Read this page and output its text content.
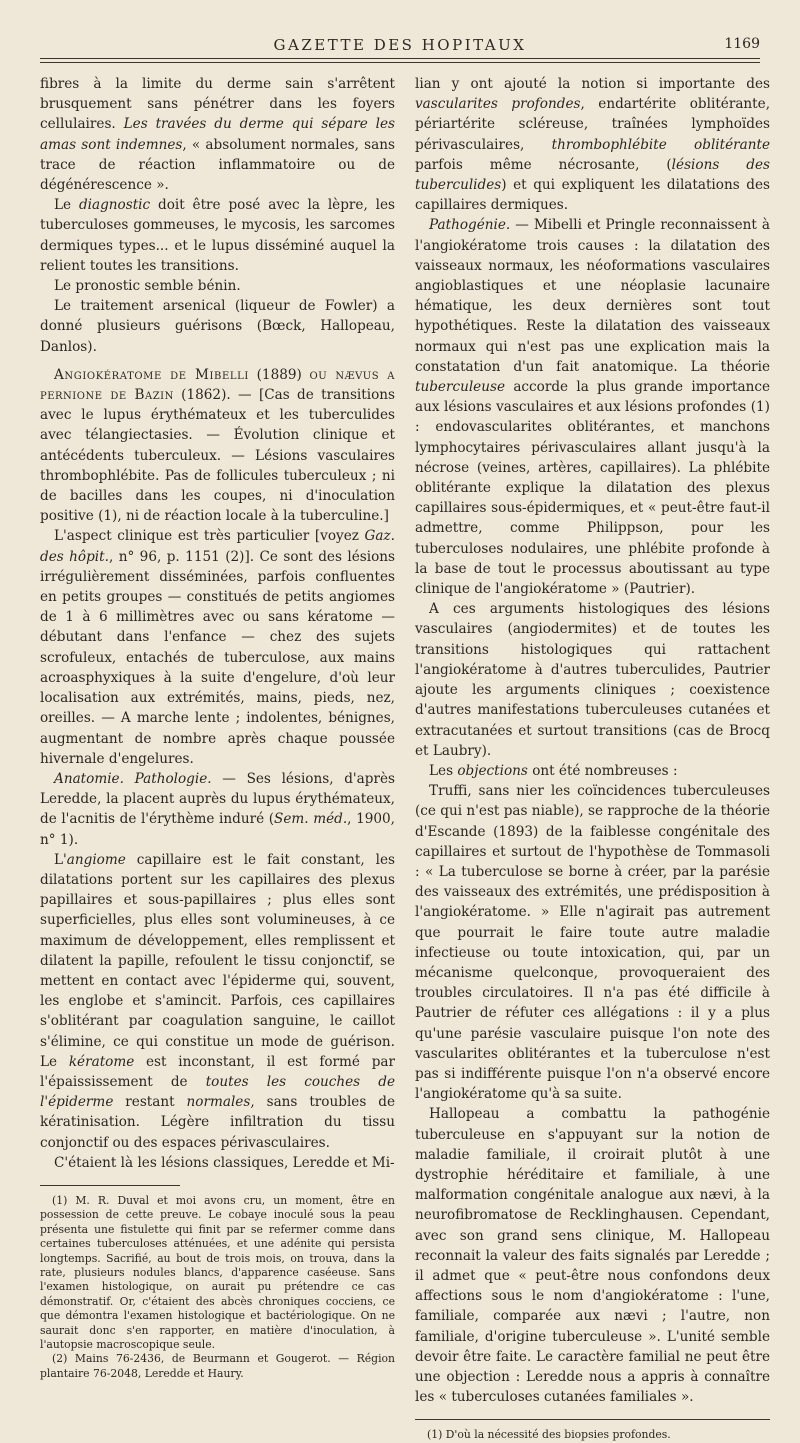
GAZETTE DES HOPITAUX	1169

fibres à la limite du derme sain s'arrêtent brusquement sans pénétrer dans les foyers cellulaires. Les travées du derme qui sépare les amas sont indemnes, « absolument normales, sans trace de réaction inflammatoire ou de dégénérescence ».

Le diagnostic doit être posé avec la lèpre, les tuberculoses gommeuses, le mycosis, les sarcomes dermiques types... et le lupus disséminé auquel la relient toutes les transitions.

Le pronostic semble bénin.

Le traitement arsenical (liqueur de Fowler) a donné plusieurs guérisons (Bœck, Hallopeau, Danlos).

Angiokératome de Mibelli (1889) ou nævus a pernione de Bazin (1862). — [Cas de transitions avec le lupus érythémateux et les tuberculides avec télangiectasies. — Évolution clinique et antécédents tuberculeux. — Lésions vasculaires thrombophlébite. Pas de follicules tuberculeux ; ni de bacilles dans les coupes, ni d'inoculation positive (1), ni de réaction locale à la tuberculine.]

L'aspect clinique est très particulier [voyez Gaz. des hôpit., n° 96, p. 1151 (2)]. Ce sont des lésions irrégulièrement disséminées, parfois confluentes en petits groupes — constitués de petits angiomes de 1 à 6 millimètres avec ou sans kératome — débutant dans l'enfance — chez des sujets scrofuleux, entachés de tuberculose, aux mains acroasphyxiques à la suite d'engelure, d'où leur localisation aux extrémités, mains, pieds, nez, oreilles. — A marche lente ; indolentes, bénignes, augmentant de nombre après chaque poussée hivernale d'engelures.

Anatomie. Pathologie. — Ses lésions, d'après Leredde, la placent auprès du lupus érythémateux, de l'acnitis de l'érythème induré (Sem. méd., 1900, n° 1).

L'angiome capillaire est le fait constant, les dilatations portent sur les capillaires des plexus papillaires et sous-papillaires ; plus elles sont superficielles, plus elles sont volumineuses, à ce maximum de développement, elles remplissent et dilatent la papille, refoulent le tissu conjonctif, se mettent en contact avec l'épiderme qui, souvent, les englobe et s'amincit. Parfois, ces capillaires s'oblitérant par coagulation sanguine, le caillot s'élimine, ce qui constitue un mode de guérison. Le kératome est inconstant, il est formé par l'épaississement de toutes les couches de l'épiderme restant normales, sans troubles de kératinisation. Légère infiltration du tissu conjonctif ou des espaces périvasculaires.

C'étaient là les lésions classiques, Leredde et Mi-

(1) M. R. Duval et moi avons cru, un moment, être en possession de cette preuve. Le cobaye inoculé sous la peau présenta une fistulette qui finit par se refermer comme dans certaines tuberculoses atténuées, et une adénite qui persista longtemps. Sacrifié, au bout de trois mois, on trouva, dans la rate, plusieurs nodules blancs, d'apparence caséeuse. Sans l'examen histologique, on aurait pu prétendre ce cas démonstratif. Or, c'étaient des abcès chroniques cocciens, ce que démontra l'examen histologique et bactériologique. On ne saurait donc s'en rapporter, en matière d'inoculation, à l'autopsie macroscopique seule.

(2) Mains 76-2436, de Beurmann et Gougerot. — Région plantaire 76-2048, Leredde et Haury.

lian y ont ajouté la notion si importante des vascularites profondes, endartérite oblitérante, périartérite scléreuse, traînées lymphoïdes périvasculaires, thrombophlébite oblitérante parfois même nécrosante, (lésions des tuberculides) et qui expliquent les dilatations des capillaires dermiques.

Pathogénie. — Mibelli et Pringle reconnaissent à l'angiokératome trois causes : la dilatation des vaisseaux normaux, les néoformations vasculaires angioblastiques et une néoplasie lacunaire hématique, les deux dernières sont tout hypothétiques. Reste la dilatation des vaisseaux normaux qui n'est pas une explication mais la constatation d'un fait anatomique. La théorie tuberculeuse accorde la plus grande importance aux lésions vasculaires et aux lésions profondes (1) : endovascularites oblitérantes, et manchons lymphocytaires périvasculaires allant jusqu'à la nécrose (veines, artères, capillaires). La phlébite oblitérante explique la dilatation des plexus capillaires sous-épidermiques, et « peut-être faut-il admettre, comme Philippson, pour les tuberculoses nodulaires, une phlébite profonde à la base de tout le processus aboutissant au type clinique de l'angiokératome » (Pautrier).

A ces arguments histologiques des lésions vasculaires (angiodermites) et de toutes les transitions histologiques qui rattachent l'angiokératome à d'autres tuberculides, Pautrier ajoute les arguments cliniques ; coexistence d'autres manifestations tuberculeuses cutanées et extracutanées et surtout transitions (cas de Brocq et Laubry).

Les objections ont été nombreuses :

Truffi, sans nier les coïncidences tuberculeuses (ce qui n'est pas niable), se rapproche de la théorie d'Escande (1893) de la faiblesse congénitale des capillaires et surtout de l'hypothèse de Tommasoli : « La tuberculose se borne à créer, par la parésie des vaisseaux des extrémités, une prédisposition à l'angiokératome. » Elle n'agirait pas autrement que pourrait le faire toute autre maladie infectieuse ou toute intoxication, qui, par un mécanisme quelconque, provoqueraient des troubles circulatoires. Il n'a pas été difficile à Pautrier de réfuter ces allégations : il y a plus qu'une parésie vasculaire puisque l'on note des vascularites oblitérantes et la tuberculose n'est pas si indifférente puisque l'on n'a observé encore l'angiokératome qu'à sa suite.

Hallopeau a combattu la pathogénie tuberculeuse en s'appuyant sur la notion de maladie familiale, il croirait plutôt à une dystrophie héréditaire et familiale, à une malformation congénitale analogue aux nævi, à la neurofibromatose de Recklinghausen. Cependant, avec son grand sens clinique, M. Hallopeau reconnait la valeur des faits signalés par Leredde ; il admet que « peut-être nous confondons deux affections sous le nom d'angiokératome : l'une, familiale, comparée aux nævi ; l'autre, non familiale, d'origine tuberculeuse ». L'unité semble devoir être faite. Le caractère familial ne peut être une objection : Leredde nous a appris à connaître les « tuberculoses cutanées familiales ».

(1) D'où la nécessité des biopsies profondes.
